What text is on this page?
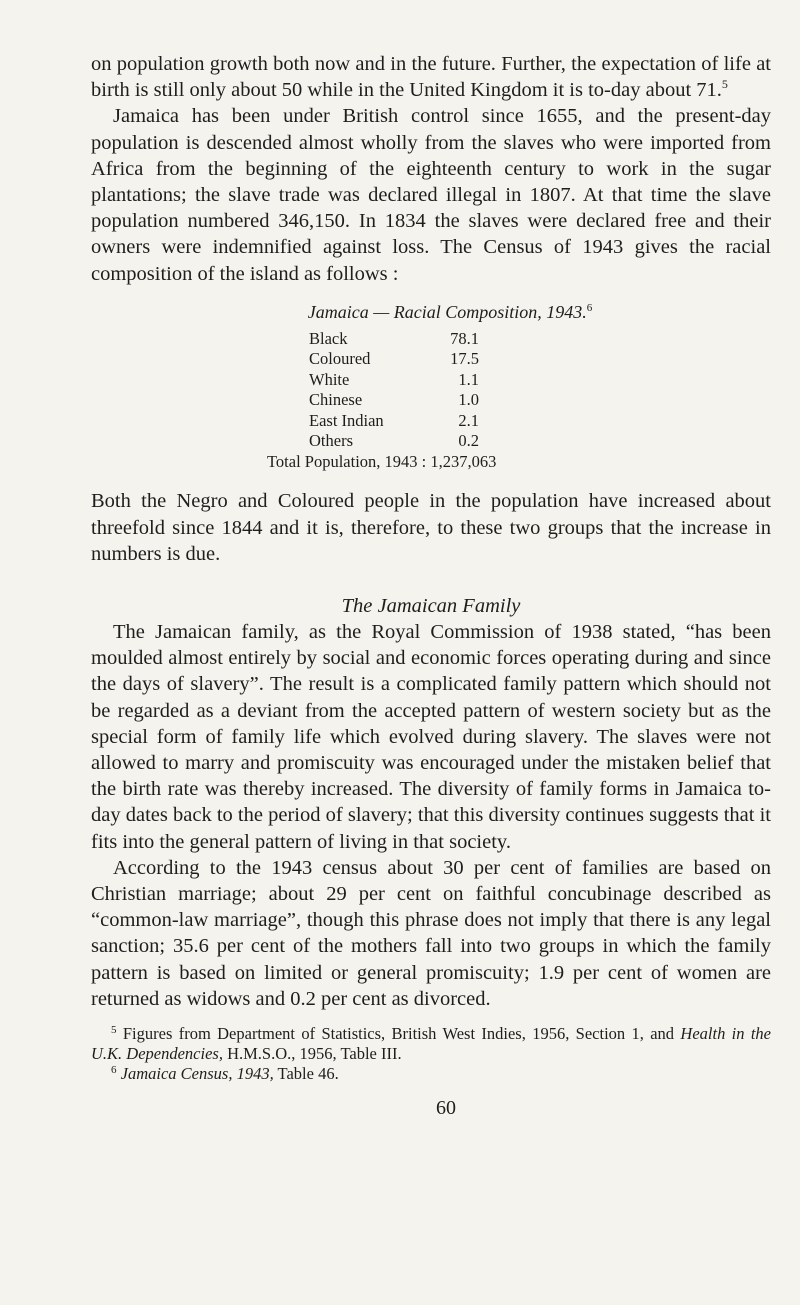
on population growth both now and in the future. Further, the expectation of life at birth is still only about 50 while in the United Kingdom it is to-day about 71.$^5$

Jamaica has been under British control since 1655, and the present-day population is descended almost wholly from the slaves who were imported from Africa from the beginning of the eighteenth century to work in the sugar plantations; the slave trade was declared illegal in 1807. At that time the slave population numbered 346,150. In 1834 the slaves were declared free and their owners were indemnified against loss. The Census of 1943 gives the racial composition of the island as follows :

Jamaica — Racial Composition, 1943.$^6$
Black	78.1
Coloured	17.5
White	1.1
Chinese	1.0
East Indian	2.1
Others	0.2
Total Population, 1943 : 1,237,063

Both the Negro and Coloured people in the population have increased about threefold since 1844 and it is, therefore, to these two groups that the increase in numbers is due.

The Jamaican Family

The Jamaican family, as the Royal Commission of 1938 stated, “has been moulded almost entirely by social and economic forces operating during and since the days of slavery”. The result is a complicated family pattern which should not be regarded as a deviant from the accepted pattern of western society but as the special form of family life which evolved during slavery. The slaves were not allowed to marry and promiscuity was encouraged under the mistaken belief that the birth rate was thereby increased. The diversity of family forms in Jamaica to-day dates back to the period of slavery; that this diversity continues suggests that it fits into the general pattern of living in that society.

According to the 1943 census about 30 per cent of families are based on Christian marriage; about 29 per cent on faithful concubinage described as “common-law marriage”, though this phrase does not imply that there is any legal sanction; 35.6 per cent of the mothers fall into two groups in which the family pattern is based on limited or general promiscuity; 1.9 per cent of women are returned as widows and 0.2 per cent as divorced.

$^5$ Figures from Department of Statistics, British West Indies, 1956, Section 1, and Health in the U.K. Dependencies, H.M.S.O., 1956, Table III.

$^6$ Jamaica Census, 1943, Table 46.

60
